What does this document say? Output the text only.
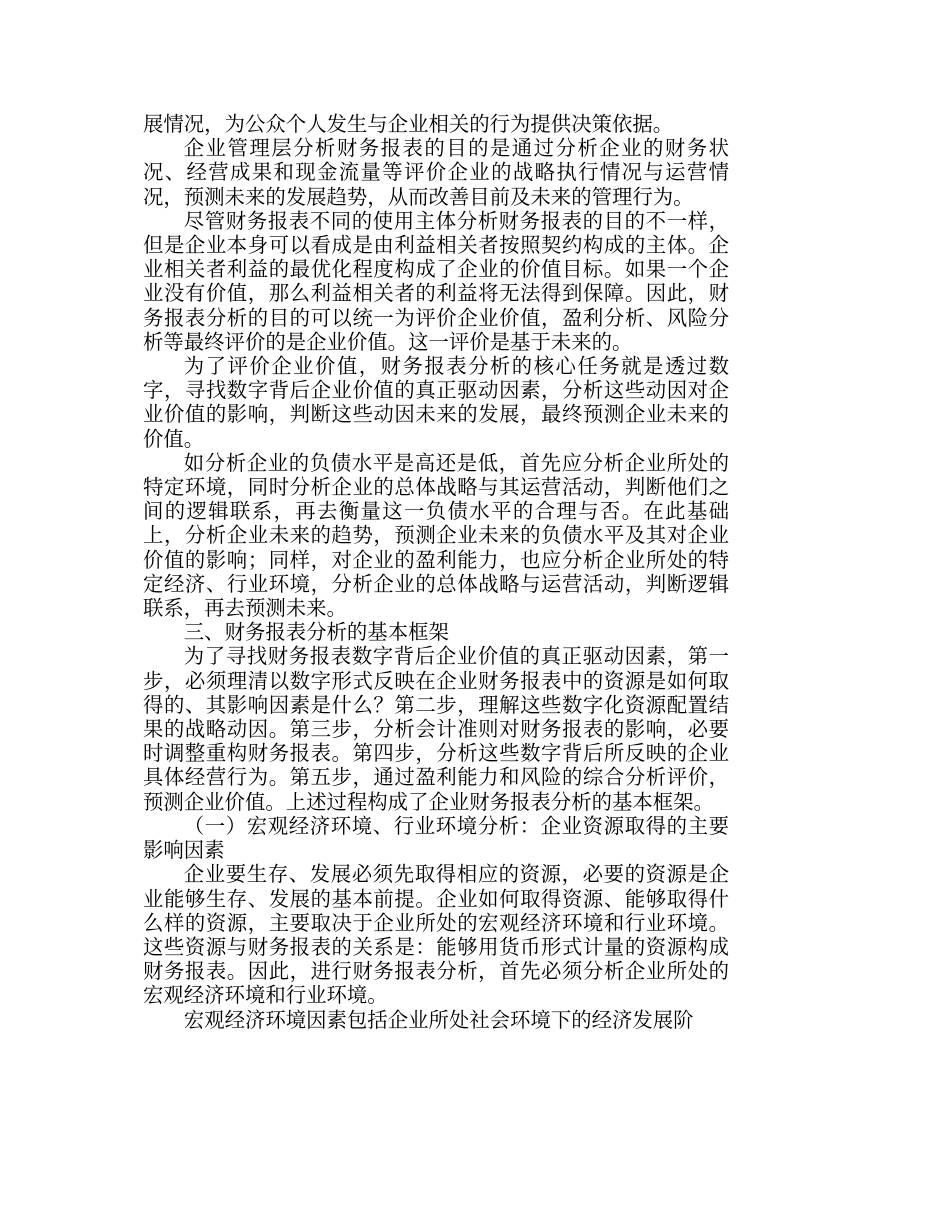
展情况，为公众个人发生与企业相关的行为提供决策依据。

企业管理层分析财务报表的目的是通过分析企业的财务状况、经营成果和现金流量等评价企业的战略执行情况与运营情况，预测未来的发展趋势，从而改善目前及未来的管理行为。

尽管财务报表不同的使用主体分析财务报表的目的不一样，但是企业本身可以看成是由利益相关者按照契约构成的主体。企业相关者利益的最优化程度构成了企业的价值目标。如果一个企业没有价值，那么利益相关者的利益将无法得到保障。因此，财务报表分析的目的可以统一为评价企业价值，盈利分析、风险分析等最终评价的是企业价值。这一评价是基于未来的。

为了评价企业价值，财务报表分析的核心任务就是透过数字，寻找数字背后企业价值的真正驱动因素，分析这些动因对企业价值的影响，判断这些动因未来的发展，最终预测企业未来的价值。

如分析企业的负债水平是高还是低，首先应分析企业所处的特定环境，同时分析企业的总体战略与其运营活动，判断他们之间的逻辑联系，再去衡量这一负债水平的合理与否。在此基础上，分析企业未来的趋势，预测企业未来的负债水平及其对企业价值的影响；同样，对企业的盈利能力，也应分析企业所处的特定经济、行业环境，分析企业的总体战略与运营活动，判断逻辑联系，再去预测未来。

三、财务报表分析的基本框架

为了寻找财务报表数字背后企业价值的真正驱动因素，第一步，必须理清以数字形式反映在企业财务报表中的资源是如何取得的、其影响因素是什么？第二步，理解这些数字化资源配置结果的战略动因。第三步，分析会计准则对财务报表的影响，必要时调整重构财务报表。第四步，分析这些数字背后所反映的企业具体经营行为。第五步，通过盈利能力和风险的综合分析评价，预测企业价值。上述过程构成了企业财务报表分析的基本框架。

（一）宏观经济环境、行业环境分析：企业资源取得的主要影响因素

企业要生存、发展必须先取得相应的资源，必要的资源是企业能够生存、发展的基本前提。企业如何取得资源、能够取得什么样的资源，主要取决于企业所处的宏观经济环境和行业环境。这些资源与财务报表的关系是：能够用货币形式计量的资源构成财务报表。因此，进行财务报表分析，首先必须分析企业所处的宏观经济环境和行业环境。

宏观经济环境因素包括企业所处社会环境下的经济发展阶
